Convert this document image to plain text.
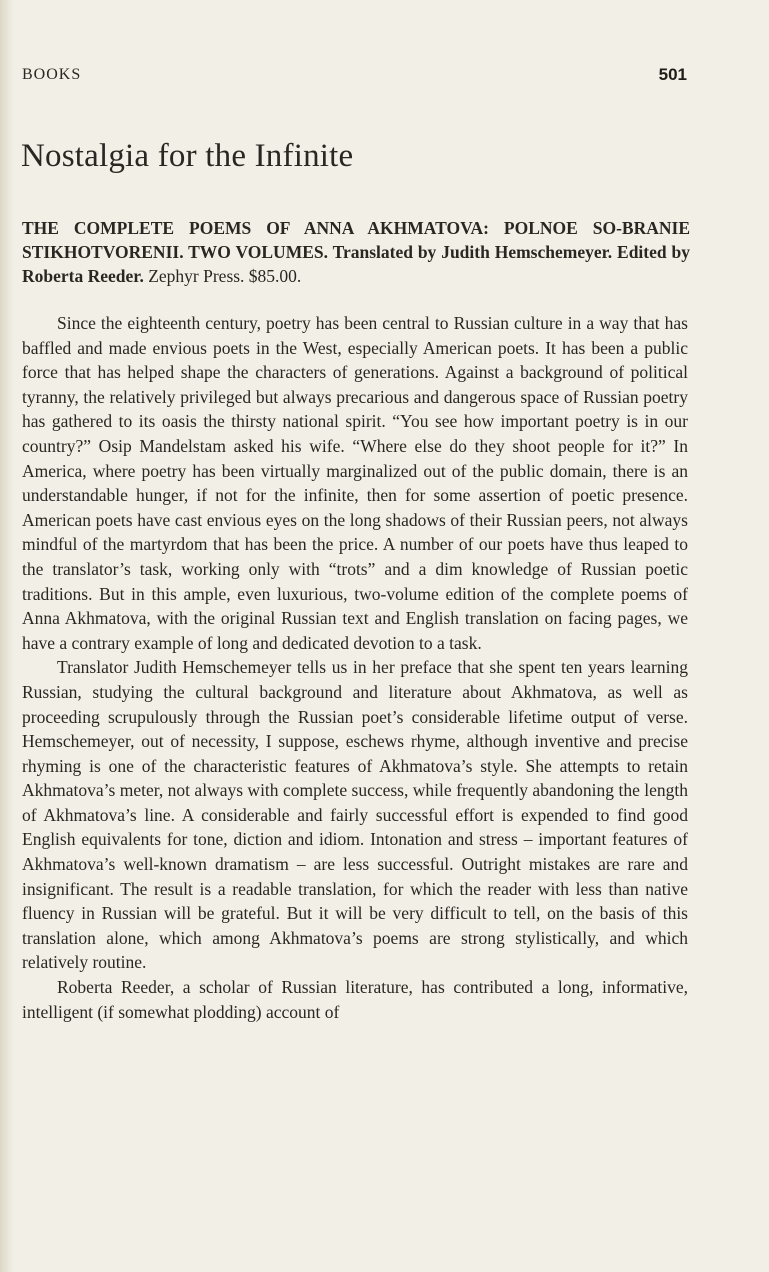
BOOKS	501
Nostalgia for the Infinite

THE COMPLETE POEMS OF ANNA AKHMATOVA: POLNOE SO-BRANIE STIKHOTVORENII. TWO VOLUMES. Translated by Judith Hemschemeyer. Edited by Roberta Reeder. Zephyr Press. $85.00.

Since the eighteenth century, poetry has been central to Russian culture in a way that has baffled and made envious poets in the West, especially American poets. It has been a public force that has helped shape the characters of generations. Against a background of political tyranny, the relatively privileged but always precarious and dangerous space of Russian poetry has gathered to its oasis the thirsty national spirit. “You see how important poetry is in our country?” Osip Mandelstam asked his wife. “Where else do they shoot people for it?” In America, where poetry has been virtually marginalized out of the public domain, there is an understandable hunger, if not for the infinite, then for some assertion of poetic presence. American poets have cast envious eyes on the long shadows of their Russian peers, not always mindful of the martyrdom that has been the price. A number of our poets have thus leaped to the translator’s task, working only with “trots” and a dim knowledge of Russian poetic traditions. But in this ample, even luxurious, two-volume edition of the complete poems of Anna Akhmatova, with the original Russian text and English translation on facing pages, we have a contrary example of long and dedicated devotion to a task.

Translator Judith Hemschemeyer tells us in her preface that she spent ten years learning Russian, studying the cultural background and literature about Akhmatova, as well as proceeding scrupulously through the Russian poet’s considerable lifetime output of verse. Hemschemeyer, out of necessity, I suppose, eschews rhyme, although inventive and precise rhyming is one of the characteristic features of Akhmatova’s style. She attempts to retain Akhmatova’s meter, not always with complete success, while frequently abandoning the length of Akhmatova’s line. A considerable and fairly successful effort is expended to find good English equivalents for tone, diction and idiom. Intonation and stress – important features of Akhmatova’s well-known dramatism – are less successful. Outright mistakes are rare and insignificant. The result is a readable translation, for which the reader with less than native fluency in Russian will be grateful. But it will be very difficult to tell, on the basis of this translation alone, which among Akhmatova’s poems are strong stylistically, and which relatively routine.

Roberta Reeder, a scholar of Russian literature, has contributed a long, informative, intelligent (if somewhat plodding) account of
